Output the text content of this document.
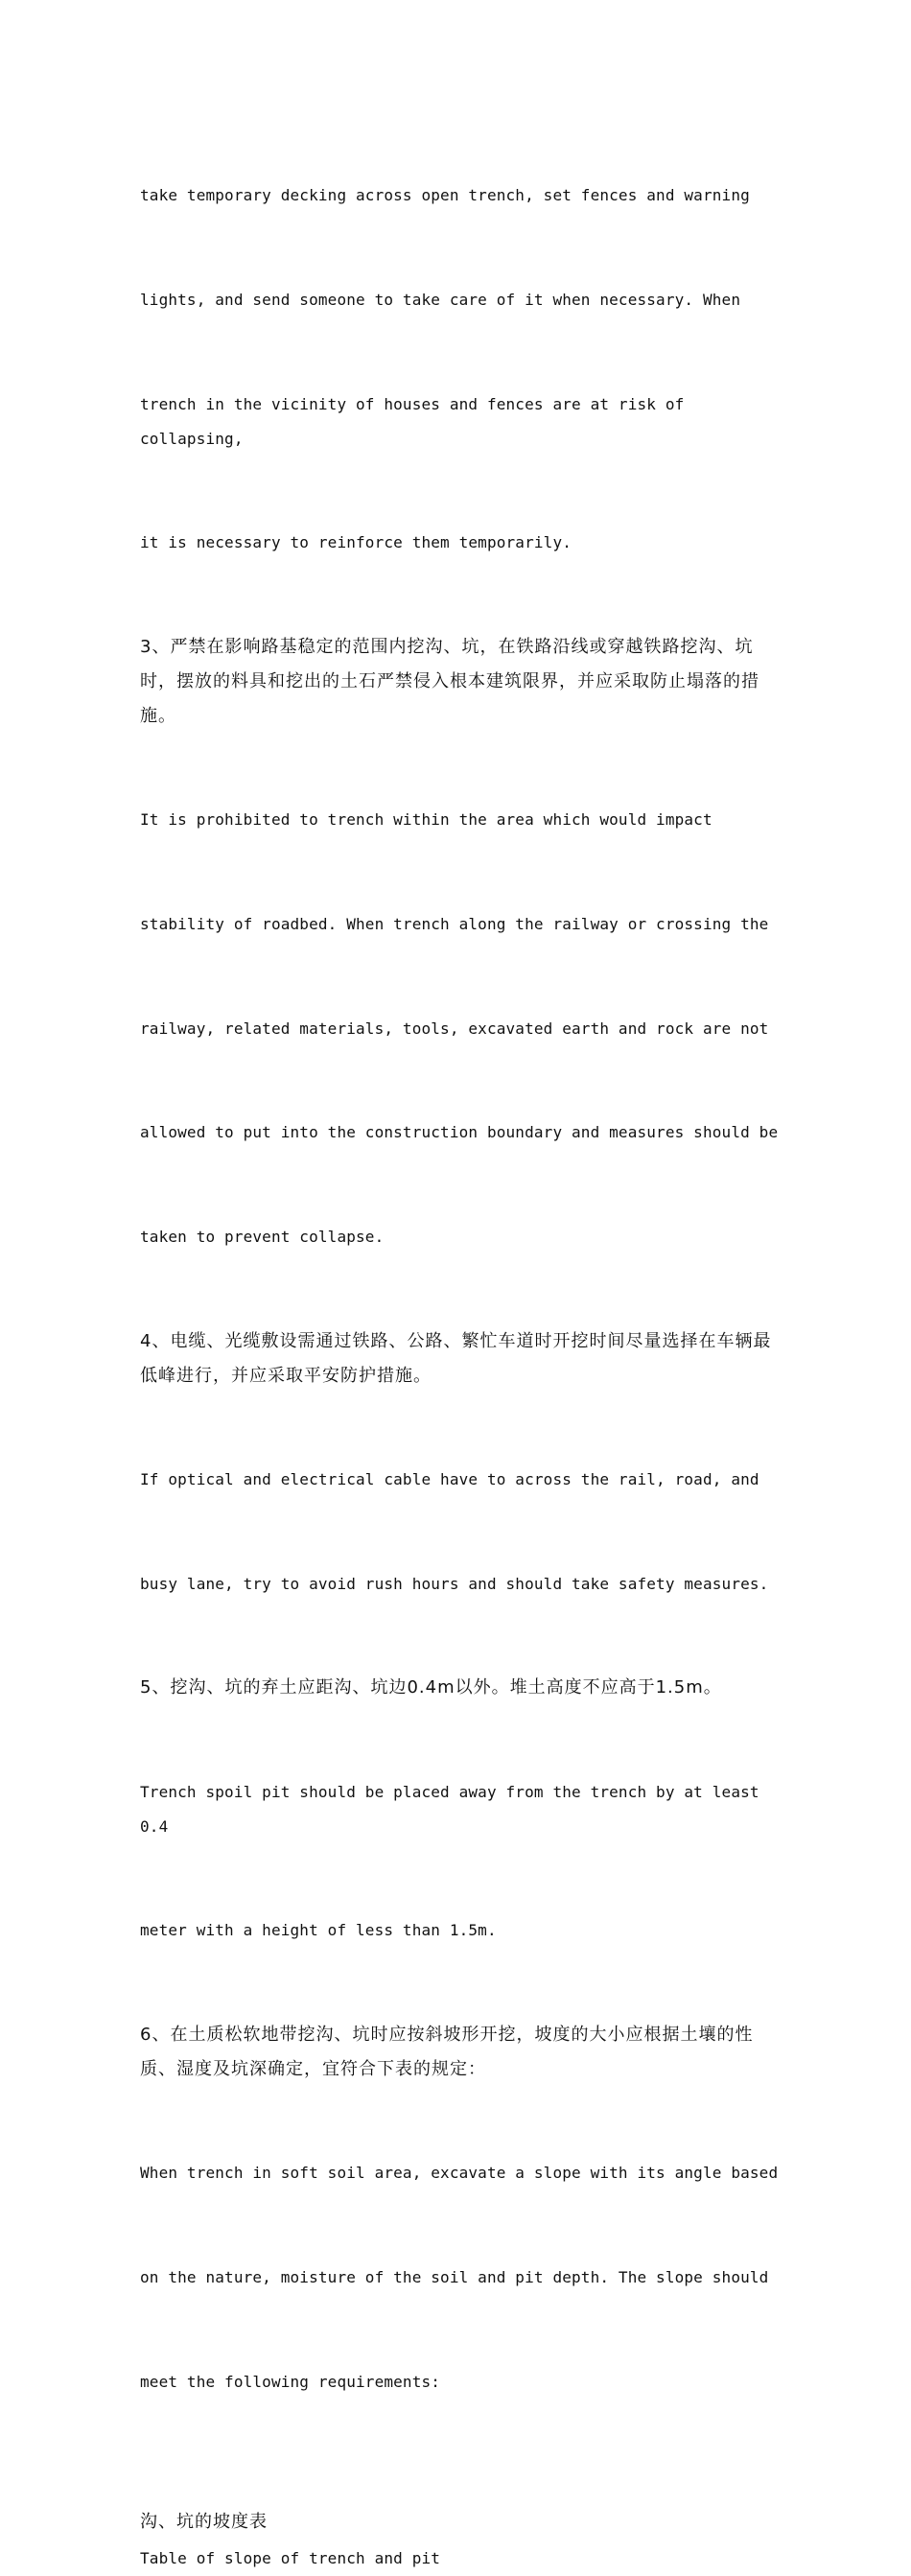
take temporary decking across open trench, set fences and warning

lights, and send someone to take care of it when necessary. When

trench in the vicinity of houses and fences are at risk of collapsing,

it is necessary to reinforce them temporarily.

3、严禁在影响路基稳定的范围内挖沟、坑，在铁路沿线或穿越铁路挖沟、坑
时，摆放的料具和挖出的土石严禁侵入根本建筑限界，并应采取防止塌落的措
施。

It is prohibited to trench within the area which would impact

stability of roadbed. When trench along the railway or crossing the

railway, related materials, tools, excavated earth and rock are not

allowed to put into the construction boundary and measures should be

taken to prevent collapse.

4、电缆、光缆敷设需通过铁路、公路、繁忙车道时开挖时间尽量选择在车辆最
低峰进行，并应采取平安防护措施。

If optical and electrical cable have to across the rail, road, and

busy lane, try to avoid rush hours and should take safety measures.

5、挖沟、坑的弃土应距沟、坑边0.4m以外。堆土高度不应高于1.5m。

Trench spoil pit should be placed away from the trench by at least 0.4

meter with a height of less than 1.5m.

6、在土质松软地带挖沟、坑时应按斜坡形开挖，坡度的大小应根据土壤的性
质、湿度及坑深确定，宜符合下表的规定：

When trench in soft soil area, excavate a slope with its angle based

on the nature, moisture of the soil and pit depth. The slope should

meet the following requirements:

沟、坑的坡度表

Table of slope of trench and pit
